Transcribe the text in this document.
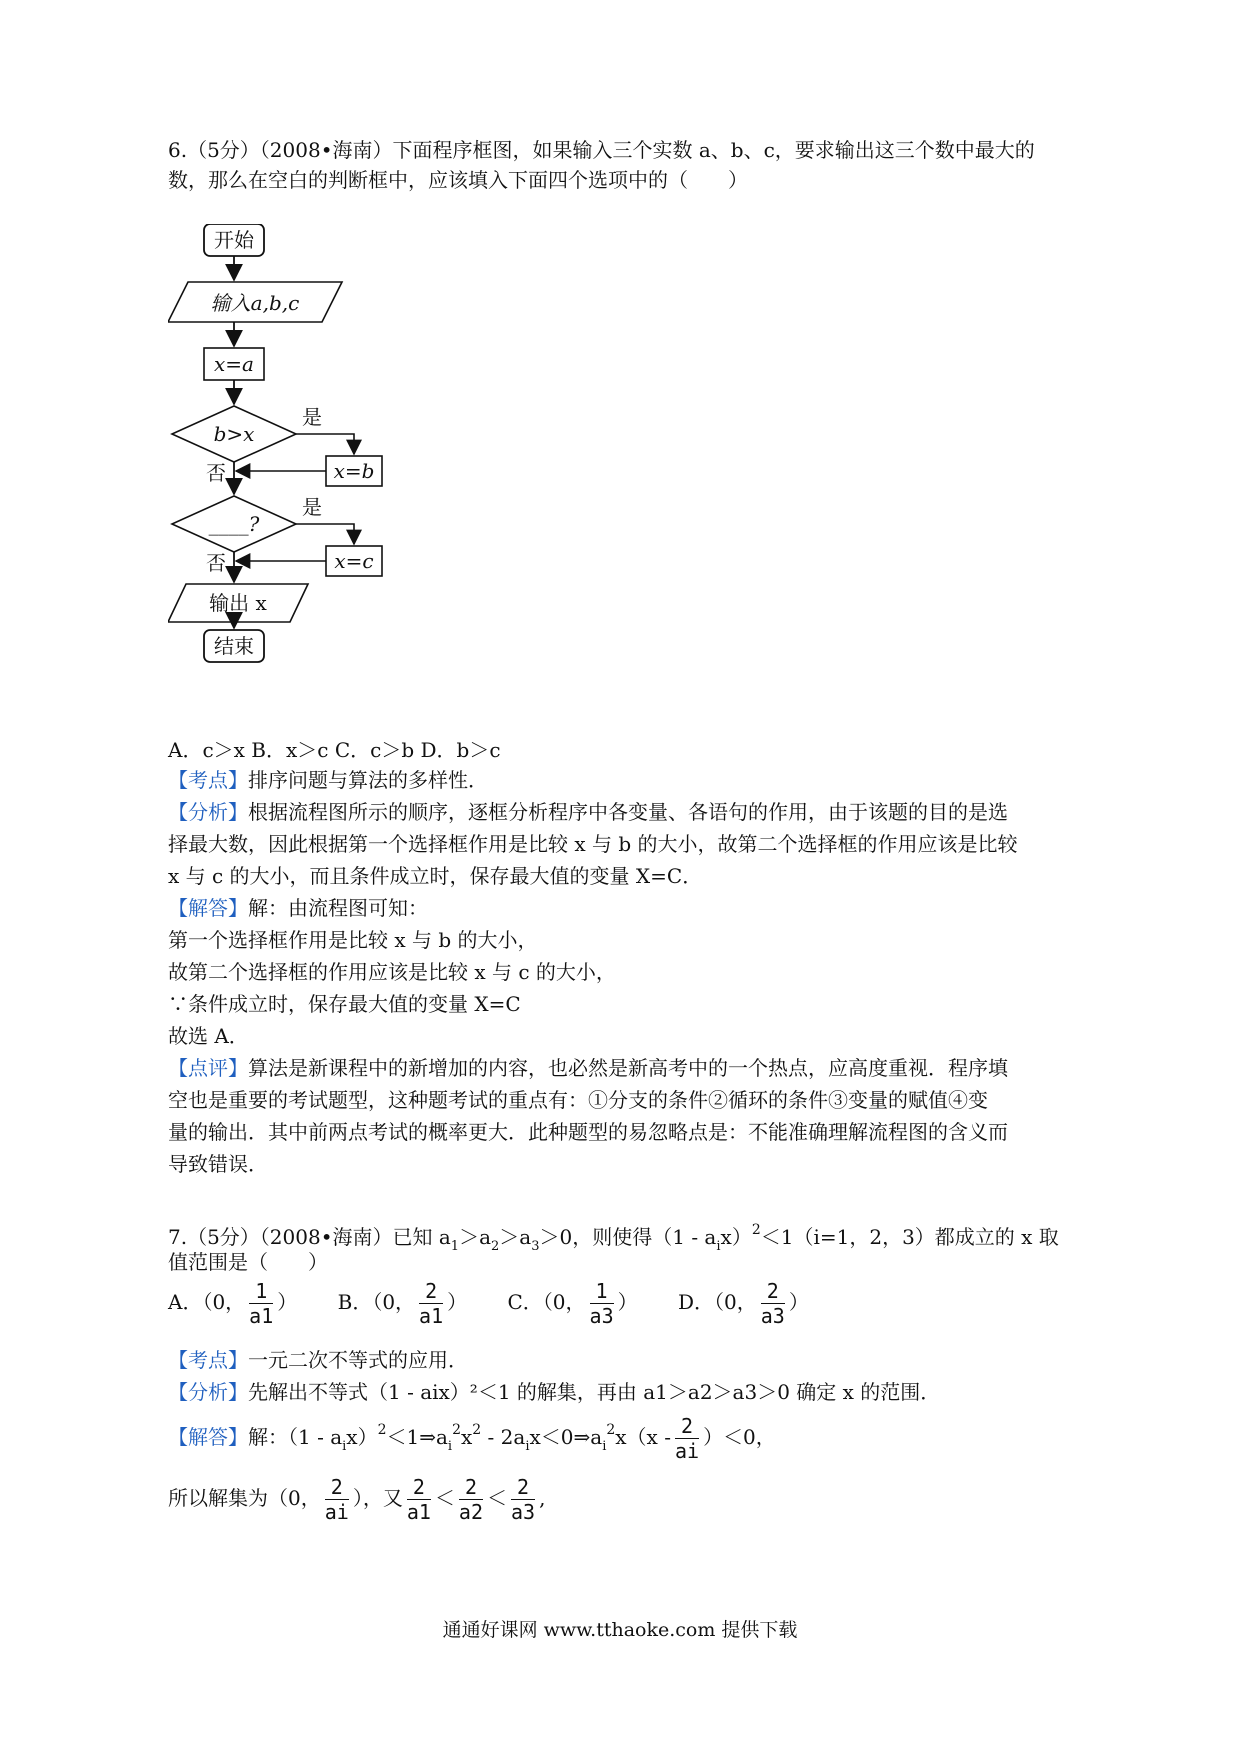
6.（5分）（2008•海南）下面程序框图，如果输入三个实数 a、b、c，要求输出这三个数中最大的
数，那么在空白的判断框中，应该填入下面四个选项中的（　　）
开始
输入a,b,c
x=a
b>x
是
x=b
否
____?
是
x=c
否
输出 x
结束
A．c＞x B．x＞c C．c＞b D．b＞c
【考点】排序问题与算法的多样性．
【分析】根据流程图所示的顺序，逐框分析程序中各变量、各语句的作用，由于该题的目的是选
择最大数，因此根据第一个选择框作用是比较 x 与 b 的大小，故第二个选择框的作用应该是比较
x 与 c 的大小，而且条件成立时，保存最大值的变量 X=C．
【解答】解：由流程图可知：
第一个选择框作用是比较 x 与 b 的大小，
故第二个选择框的作用应该是比较 x 与 c 的大小，
∵条件成立时，保存最大值的变量 X=C
故选 A．
【点评】算法是新课程中的新增加的内容，也必然是新高考中的一个热点，应高度重视．程序填
空也是重要的考试题型，这种题考试的重点有：①分支的条件②循环的条件③变量的赋值④变
量的输出．其中前两点考试的概率更大．此种题型的易忽略点是：不能准确理解流程图的含义而
导致错误．
7.（5分）（2008•海南）已知 $a_1>a_2>a_3>0$，则使得$(1 - a_ix)^2<1(i=1$，2，3）都成立的 x 取
值范围是（　　）
A．（0， $\frac{1}{a1}$ ） B．（0， $\frac{2}{a1}$ ） C．（0， $\frac{1}{a3}$ ） D．（0， $\frac{2}{a3}$ ）
【考点】一元二次不等式的应用．
【分析】先解出不等式（1 - aix）²＜1 的解集，再由 a1＞a2＞a3＞0 确定 x 的范围．
【解答】解：$(1 - a_ix)^2<1\Rightarrow a_i^2x^2$ - $2a_ix<0\Rightarrow a_i^2x(x - \frac{2}{ai} )<0$，
所以解集为（0， $\frac{2}{ai}$ ），又 $\frac{2}{a1} < \frac{2}{a2} < \frac{2}{a3}$ ,
通通好课网 www.tthaoke.com 提供下载
